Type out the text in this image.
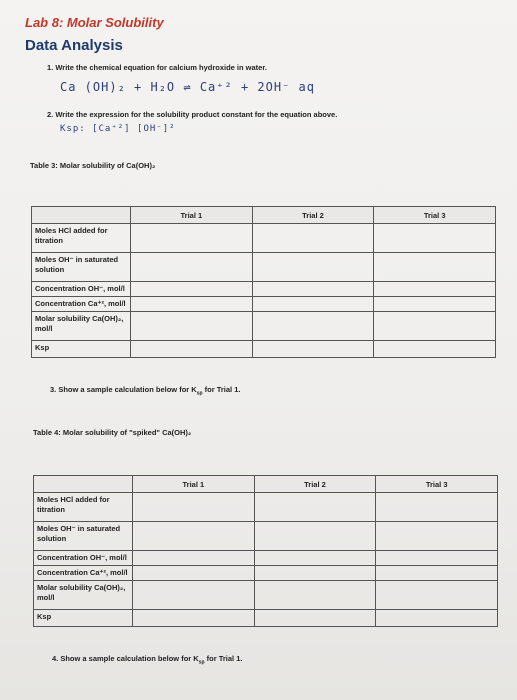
Lab 8: Molar Solubility
Data Analysis
1. Write the chemical equation for calcium hydroxide in water.
Ca (OH)₂ + H₂O ⇌ Ca⁺² + 2OH⁻ aq
2. Write the expression for the solubility product constant for the equation above.
Ksp: [Ca⁺²] [OH⁻]²
Table 3: Molar solubility of Ca(OH)₂
	Trial 1	Trial 2	Trial 3
Moles HCl added for titration			
Moles OH⁻ in saturated solution			
Concentration OH⁻, mol/l			
Concentration Ca⁺², mol/l			
Molar solubility Ca(OH)₂, mol/l			
Ksp			
3. Show a sample calculation below for $K_{sp}$ for Trial 1.
Table 4: Molar solubility of "spiked" Ca(OH)₂
	Trial 1	Trial 2	Trial 3
Moles HCl added for titration			
Moles OH⁻ in saturated solution			
Concentration OH⁻, mol/l			
Concentration Ca⁺², mol/l			
Molar solubility Ca(OH)₂, mol/l			
Ksp			
4. Show a sample calculation below for $K_{sp}$ for Trial 1.
